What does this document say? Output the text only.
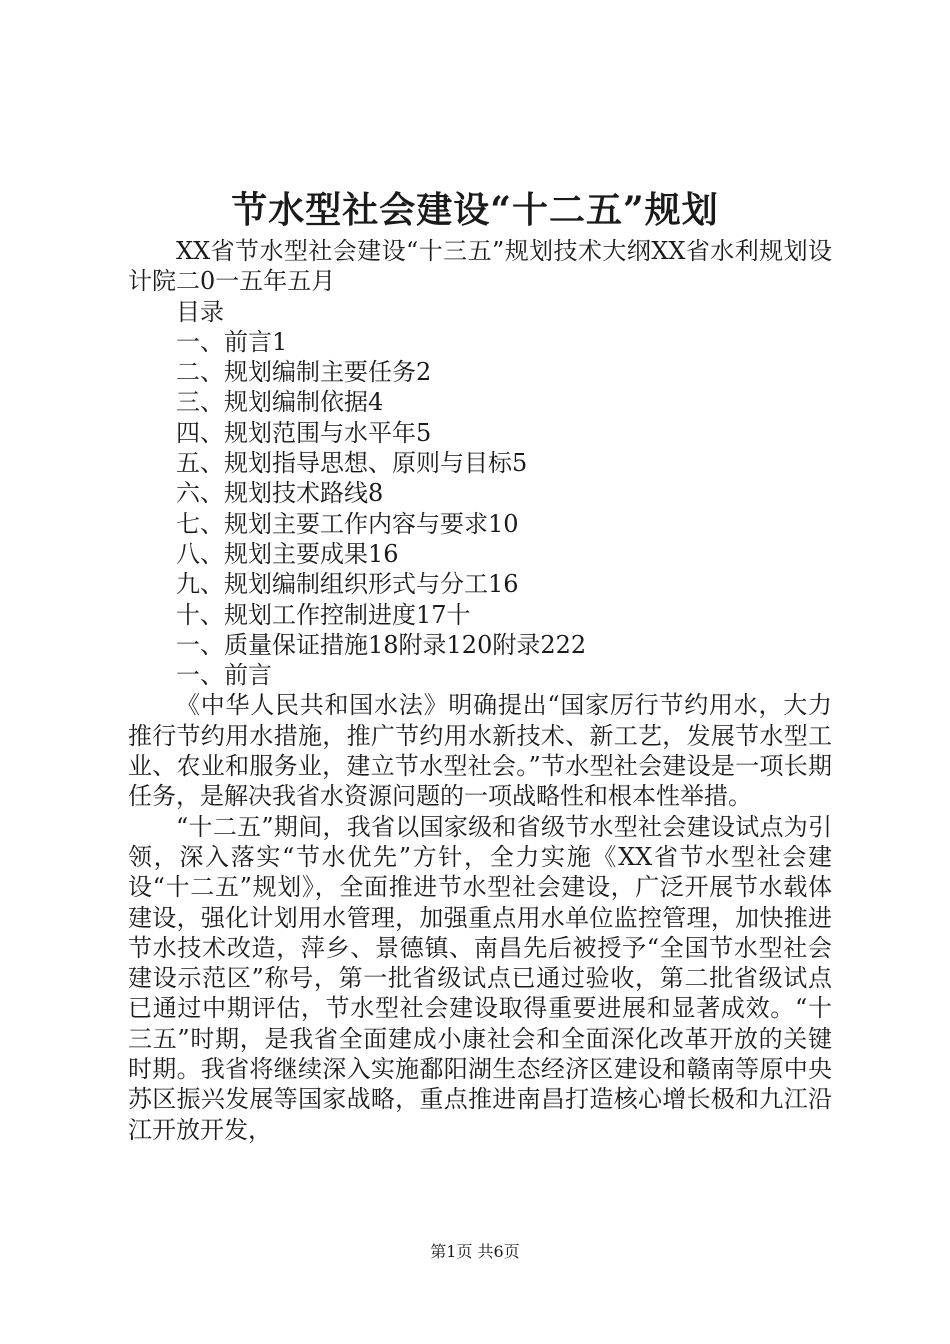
节水型社会建设“十二五”规划

XX省节水型社会建设“十三五”规划技术大纲XX省水利规划设计院二0一五年五月

目录

一、前言1

二、规划编制主要任务2

三、规划编制依据4

四、规划范围与水平年5

五、规划指导思想、原则与目标5

六、规划技术路线8

七、规划主要工作内容与要求10

八、规划主要成果16

九、规划编制组织形式与分工16

十、规划工作控制进度17十

一、质量保证措施18附录120附录222

一、前言

《中华人民共和国水法》明确提出“国家厉行节约用水，大力推行节约用水措施，推广节约用水新技术、新工艺，发展节水型工业、农业和服务业，建立节水型社会。”节水型社会建设是一项长期任务，是解决我省水资源问题的一项战略性和根本性举措。

“十二五”期间，我省以国家级和省级节水型社会建设试点为引领，深入落实“节水优先”方针，全力实施《XX省节水型社会建设“十二五”规划》，全面推进节水型社会建设，广泛开展节水载体建设，强化计划用水管理，加强重点用水单位监控管理，加快推进节水技术改造，萍乡、景德镇、南昌先后被授予“全国节水型社会建设示范区”称号，第一批省级试点已通过验收，第二批省级试点已通过中期评估，节水型社会建设取得重要进展和显著成效。“十三五”时期，是我省全面建成小康社会和全面深化改革开放的关键时期。我省将继续深入实施鄱阳湖生态经济区建设和赣南等原中央苏区振兴发展等国家战略，重点推进南昌打造核心增长极和九江沿江开放开发，

第1页 共6页
